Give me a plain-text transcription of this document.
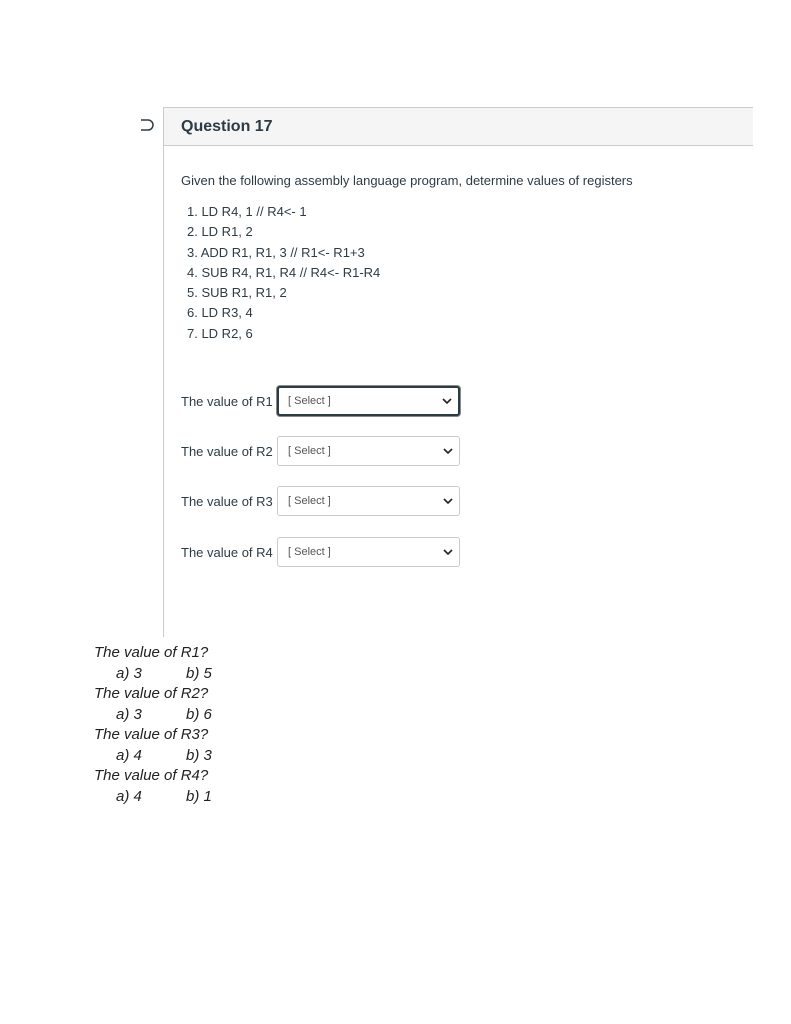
Question 17
Given the following assembly language program, determine values of registers
1. LD R4, 1 // R4<- 1
2. LD R1, 2
3. ADD R1, R1, 3 // R1<- R1+3
4. SUB R4, R1, R4 // R4<- R1-R4
5. SUB R1, R1, 2
6. LD R3, 4
7. LD R2, 6
The value of R1	[ Select ]
The value of R2	[ Select ]
The value of R3	[ Select ]
The value of R4	[ Select ]
The value of R1?
a) 3	b) 5
The value of R2?
a) 3	b) 6
The value of R3?
a) 4	b) 3
The value of R4?
a) 4	b) 1
